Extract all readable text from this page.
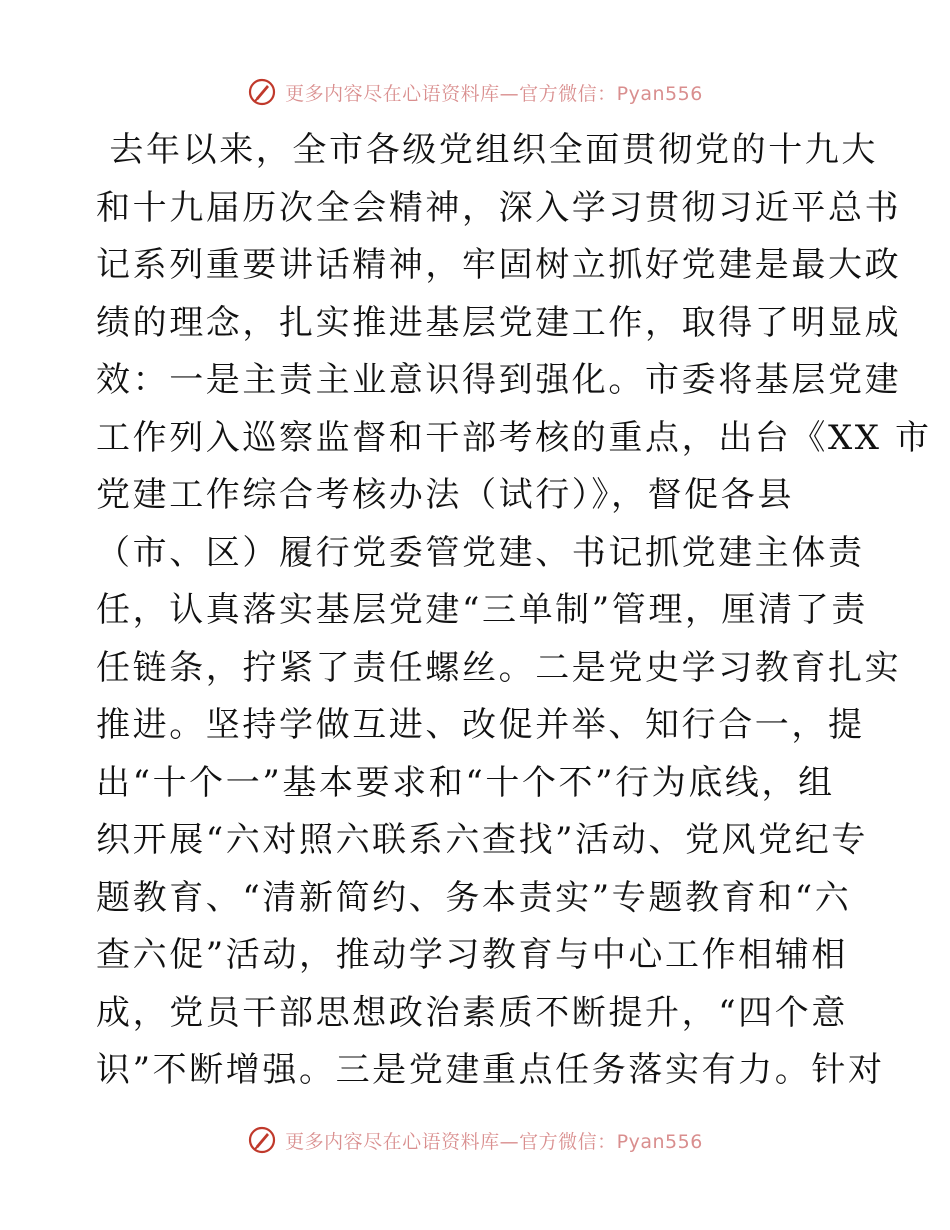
更多内容尽在心语资料库—官方微信：Pyan556
去年以来，全市各级党组织全面贯彻党的十九大
和十九届历次全会精神，深入学习贯彻习近平总书
记系列重要讲话精神，牢固树立抓好党建是最大政
绩的理念，扎实推进基层党建工作，取得了明显成
效：一是主责主业意识得到强化。市委将基层党建
工作列入巡察监督和干部考核的重点，出台《XX 市
党建工作综合考核办法（试行）》，督促各县
（市、区）履行党委管党建、书记抓党建主体责
任，认真落实基层党建“三单制”管理，厘清了责
任链条，拧紧了责任螺丝。二是党史学习教育扎实
推进。坚持学做互进、改促并举、知行合一，提
出“十个一”基本要求和“十个不”行为底线，组
织开展“六对照六联系六查找”活动、党风党纪专
题教育、“清新简约、务本责实”专题教育和“六
查六促”活动，推动学习教育与中心工作相辅相
成，党员干部思想政治素质不断提升，“四个意
识”不断增强。三是党建重点任务落实有力。针对
更多内容尽在心语资料库—官方微信：Pyan556
